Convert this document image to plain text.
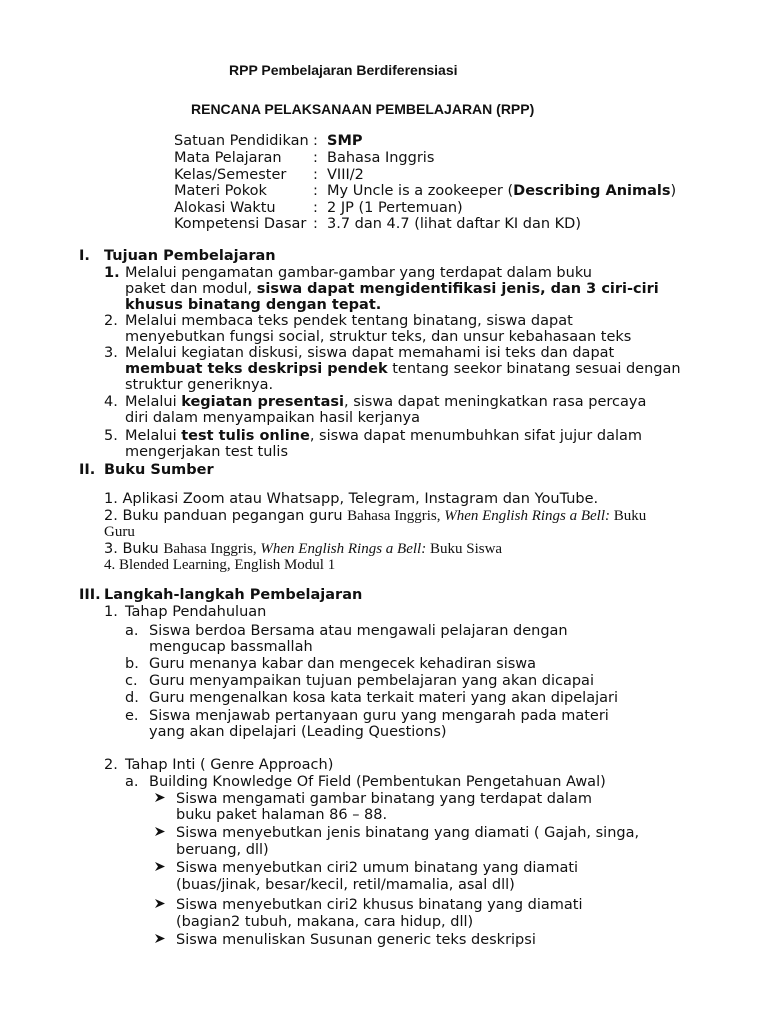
RPP Pembelajaran Berdiferensiasi
RENCANA PELAKSANAAN PEMBELAJARAN (RPP)
Satuan Pendidikan : SMP
Mata Pelajaran : Bahasa Inggris
Kelas/Semester : VIII/2
Materi Pokok	: My Uncle is a zookeeper (Describing Animals)
Alokasi Waktu	: 2 JP (1 Pertemuan)
Kompetensi Dasar : 3.7 dan 4.7 (lihat daftar KI dan KD)
I. Tujuan Pembelajaran
1. Melalui pengamatan gambar-gambar yang terdapat dalam buku
paket dan modul, siswa dapat mengidentifikasi jenis, dan 3 ciri-ciri
khusus binatang dengan tepat.
2. Melalui membaca teks pendek tentang binatang, siswa dapat
menyebutkan fungsi social, struktur teks, dan unsur kebahasaan teks
3. Melalui kegiatan diskusi, siswa dapat memahami isi teks dan dapat
membuat teks deskripsi pendek tentang seekor binatang sesuai dengan
struktur generiknya.
4. Melalui kegiatan presentasi, siswa dapat meningkatkan rasa percaya
diri dalam menyampaikan hasil kerjanya
5. Melalui test tulis online, siswa dapat menumbuhkan sifat jujur dalam
mengerjakan test tulis
II. Buku Sumber
1. Aplikasi Zoom atau Whatsapp, Telegram, Instagram dan YouTube.
2. Buku panduan pegangan guru Bahasa Inggris, When English Rings a Bell: Buku
Guru
3. Buku Bahasa Inggris, When English Rings a Bell: Buku Siswa
4. Blended Learning, English Modul 1
III. Langkah-langkah Pembelajaran
1. Tahap Pendahuluan
a. Siswa berdoa Bersama atau mengawali pelajaran dengan
mengucap bassmallah
b. Guru menanya kabar dan mengecek kehadiran siswa
c. Guru menyampaikan tujuan pembelajaran yang akan dicapai
d. Guru mengenalkan kosa kata terkait materi yang akan dipelajari
e. Siswa menjawab pertanyaan guru yang mengarah pada materi
yang akan dipelajari (Leading Questions)
2. Tahap Inti ( Genre Approach)
a. Building Knowledge Of Field (Pembentukan Pengetahuan Awal)
Siswa mengamati gambar binatang yang terdapat dalam
buku paket halaman 86 – 88.
Siswa menyebutkan jenis binatang yang diamati ( Gajah, singa,
beruang, dll)
Siswa menyebutkan ciri2 umum binatang yang diamati
(buas/jinak, besar/kecil, retil/mamalia, asal dll)
Siswa menyebutkan ciri2 khusus binatang yang diamati
(bagian2 tubuh, makana, cara hidup, dll)
Siswa menuliskan Susunan generic teks deskripsi
